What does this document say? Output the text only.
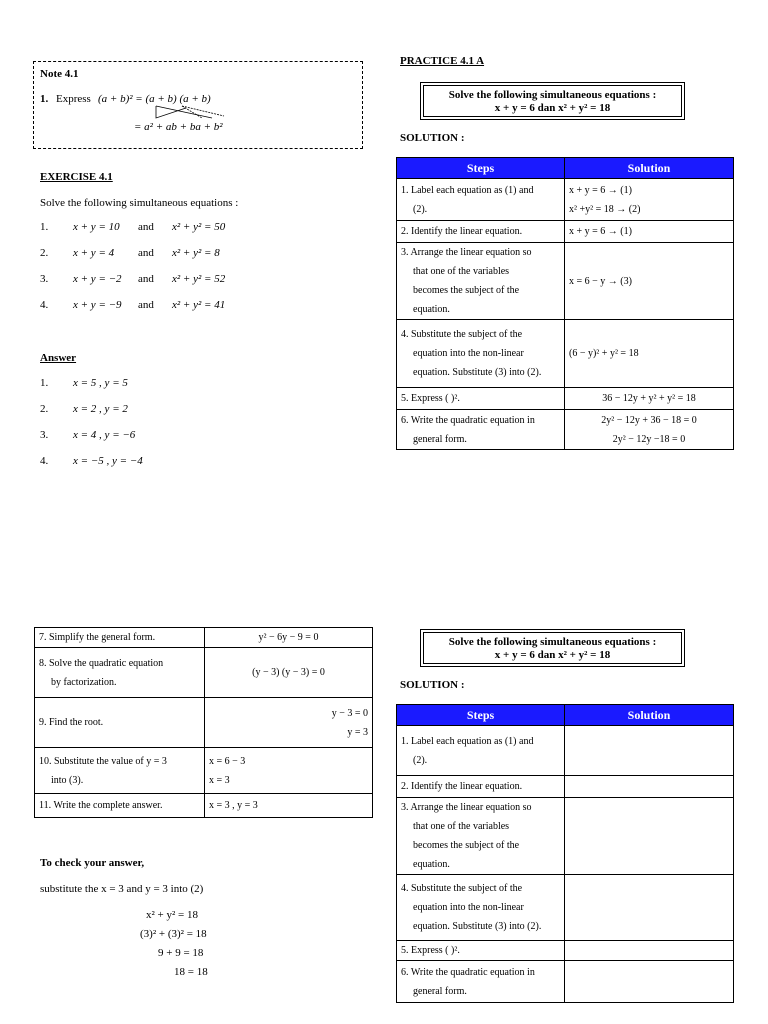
Note 4.1
1. Express (a + b)² = (a + b) (a + b)
= a² + ab + ba + b²
EXERCISE 4.1
Solve the following simultaneous equations :
1. x + y = 10 and x² + y² = 50
2. x + y = 4 and x² + y² = 8
3. x + y = −2 and x² + y² = 52
4. x + y = −9 and x² + y² = 41
Answer
1. x = 5 , y = 5
2. x = 2 , y = 2
3. x = 4 , y = −6
4. x = −5 , y = −4
PRACTICE 4.1 A
Solve the following simultaneous equations :
x + y = 6 dan x² + y² = 18
SOLUTION :
Steps	Solution

1. Label each equation as (1) and
(2).	x + y = 6 → (1)
x² +y² = 18 → (2)

2. Identify the linear equation.	x + y = 6 → (1)

3. Arrange the linear equation so
that one of the variables
becomes the subject of the
equation.	x = 6 − y → (3)

4. Substitute the subject of the
equation into the non-linear
equation. Substitute (3) into (2).	(6 − y)² + y² = 18

5. Express ( )².	36 − 12y + y² + y² = 18

6. Write the quadratic equation in
general form.	2y² − 12y + 36 − 18 = 0
2y² − 12y −18 = 0
7. Simplify the general form.	y² − 6y − 9 = 0

8. Solve the quadratic equation
by factorization.	(y − 3) (y − 3) = 0

9. Find the root.	y − 3 = 0
y = 3

10. Substitute the value of y = 3
into (3).	x = 6 − 3
x = 3

11. Write the complete answer.	x = 3 , y = 3
To check your answer,
substitute the x = 3 and y = 3 into (2)
x² + y² = 18
(3)² + (3)² = 18
9 + 9 = 18
18 = 18
Solve the following simultaneous equations :
x + y = 6 dan x² + y² = 18
SOLUTION :
Steps	Solution

1. Label each equation as (1) and
(2).	

2. Identify the linear equation.	

3. Arrange the linear equation so
that one of the variables
becomes the subject of the
equation.	

4. Substitute the subject of the
equation into the non-linear
equation. Substitute (3) into (2).	

5. Express ( )².	

6. Write the quadratic equation in
general form.	
